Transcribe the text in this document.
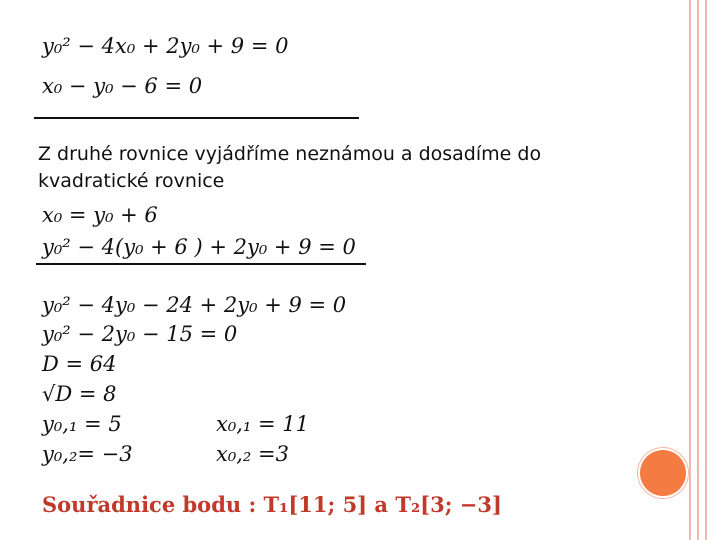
y₀² − 4x₀ + 2y₀ + 9 = 0
x₀ − y₀ − 6 = 0
Z druhé rovnice vyjádříme neznámou a dosadíme do kvadratické rovnice
x₀ = y₀ + 6
y₀² − 4(y₀ + 6 ) + 2y₀ + 9 = 0
y₀² − 4y₀ − 24 + 2y₀ + 9 = 0
y₀² − 2y₀ − 15 = 0
D = 64
√D = 8
y₀,₁ = 5	x₀,₁ = 11
y₀,₂= −3	x₀,₂ =3
Souřadnice bodu : T₁[11; 5] a T₂[3; −3]
